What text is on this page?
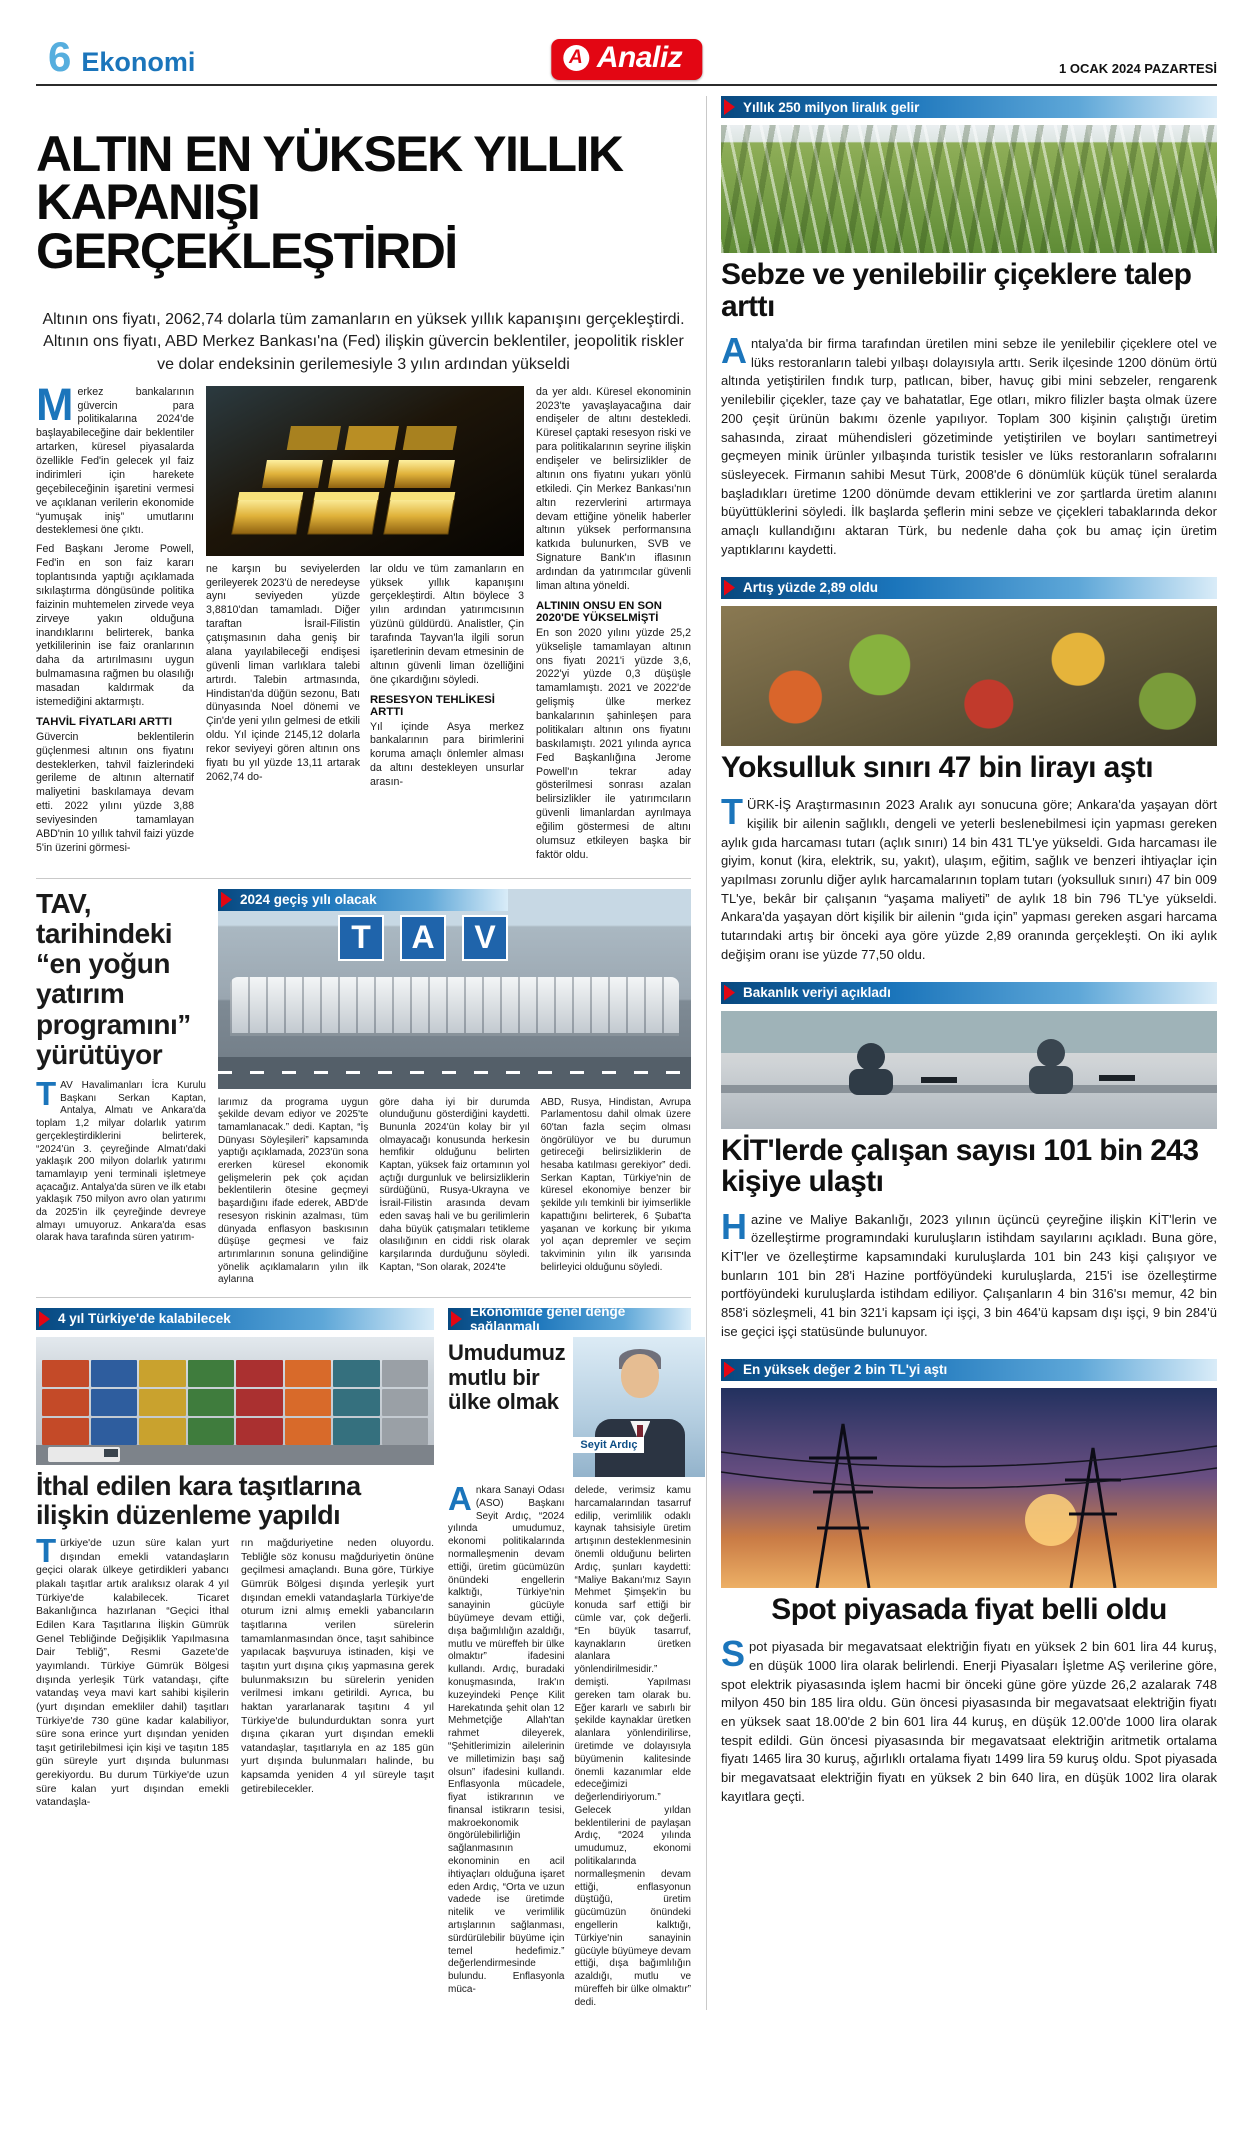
6 Ekonomi	A Analiz	1 OCAK 2024 PAZARTESİ
ALTIN EN YÜKSEK YILLIK
KAPANIŞI GERÇEKLEŞTİRDİ

Altının ons fiyatı, 2062,74 dolarla tüm zamanların en yüksek yıllık kapanışını gerçekleştirdi. Altının ons fiyatı, ABD Merkez Bankası'na (Fed) ilişkin güvercin beklentiler, jeopolitik riskler ve dolar endeksinin gerilemesiyle 3 yılın ardından yükseldi

Merkez bankalarının güvercin para politikalarına 2024'de başlayabileceğine dair beklentiler artarken, küresel piyasalarda özellikle Fed'in gelecek yıl faiz indirimleri için harekete geçebileceğinin işaretini vermesi ve açıklanan verilerin ekonomide “yumuşak iniş” umutlarını desteklemesi öne çıktı.

Fed Başkanı Jerome Powell, Fed'in en son faiz kararı toplantısında yaptığı açıklamada sıkılaştırma döngüsünde politika faizinin muhtemelen zirvede veya zirveye yakın olduğuna inandıklarını belirterek, banka yetkililerinin ise faiz oranlarının daha da artırılmasını uygun bulmamasına rağmen bu olasılığı masadan kaldırmak da istemediğini aktarmıştı.

TAHVİL FİYATLARI ARTTI

Güvercin beklentilerin güçlenmesi altının ons fiyatını desteklerken, tahvil faizlerindeki gerileme de altının alternatif maliyetini baskılamaya devam etti. 2022 yılını yüzde 3,88 seviyesinden tamamlayan ABD'nin 10 yıllık tahvil faizi yüzde 5'in üzerini görmesi-

ne karşın bu seviyelerden gerileyerek 2023'ü de neredeyse aynı seviyeden yüzde 3,8810'dan tamamladı. Diğer taraftan İsrail-Filistin çatışmasının daha geniş bir alana yayılabileceği endişesi güvenli liman varlıklara talebi artırdı. Talebin artmasında, Hindistan'da düğün sezonu, Batı dünyasında Noel dönemi ve Çin'de yeni yılın gelmesi de etkili oldu. Yıl içinde 2145,12 dolarla rekor seviyeyi gören altının ons fiyatı bu yıl yüzde 13,11 artarak 2062,74 do-

lar oldu ve tüm zamanların en yüksek yıllık kapanışını gerçekleştirdi. Altın böylece 3 yılın ardından yatırımcısının yüzünü güldürdü. Analistler, Çin tarafında Tayvan'la ilgili sorun işaretlerinin devam etmesinin de altının güvenli liman özelliğini öne çıkardığını söyledi.

RESESYON TEHLİKESİ ARTTI

Yıl içinde Asya merkez bankalarının para birimlerini koruma amaçlı önlemler alması da altını destekleyen unsurlar arasın-

da yer aldı. Küresel ekonominin 2023'te yavaşlayacağına dair endişeler de altını destekledi. Küresel çaptaki resesyon riski ve para politikalarının seyrine ilişkin endişeler ve belirsizlikler de altının ons fiyatını yukarı yönlü etkiledi. Çin Merkez Bankası'nın altın rezervlerini artırmaya devam ettiğine yönelik haberler altının yüksek performansına katkıda bulunurken, SVB ve Signature Bank'ın iflasının ardından da yatırımcılar güvenli liman altına yöneldi.

ALTININ ONSU EN SON 2020'DE YÜKSELMİŞTİ

En son 2020 yılını yüzde 25,2 yükselişle tamamlayan altının ons fiyatı 2021'i yüzde 3,6, 2022'yi yüzde 0,3 düşüşle tamamlamıştı. 2021 ve 2022'de gelişmiş ülke merkez bankalarının şahinleşen para politikaları altının ons fiyatını baskılamıştı. 2021 yılında ayrıca Fed Başkanlığına Jerome Powell'ın tekrar aday gösterilmesi sonrası azalan belirsizlikler ile yatırımcıların güvenli limanlardan ayrılmaya eğilim göstermesi de altını olumsuz etkileyen başka bir faktör oldu.

TAV, tarihindeki “en yoğun yatırım programını” yürütüyor

TAV Havalimanları İcra Kurulu Başkanı Serkan Kaptan, Antalya, Almatı ve Ankara'da toplam 1,2 milyar dolarlık yatırım gerçekleştirdiklerini belirterek, “2024'ün 3. çeyreğinde Almatı'daki yaklaşık 200 milyon dolarlık yatırımı tamamlayıp yeni terminali işletmeye açacağız. Antalya'da süren ve ilk etabı yaklaşık 750 milyon avro olan yatırımı da 2025'in ilk çeyreğinde devreye almayı umuyoruz. Ankara'da esas olarak hava tarafında süren yatırım-

2024 geçiş yılı olacak
T	A	V

larımız da programa uygun şekilde devam ediyor ve 2025'te tamamlanacak.” dedi. Kaptan, “İş Dünyası Söyleşileri” kapsamında yaptığı açıklamada, 2023'ün sona ererken küresel ekonomik gelişmelerin pek çok açıdan beklentilerin ötesine geçmeyi başardığını ifade ederek, ABD'de resesyon riskinin azalması, tüm dünyada enflasyon baskısının düşüşe geçmesi ve faiz artırımlarının sonuna gelindiğine yönelik açıklamaların yılın ilk aylarına

göre daha iyi bir durumda olunduğunu gösterdiğini kaydetti. Bununla 2024'ün kolay bir yıl olmayacağı konusunda herkesin hemfikir olduğunu belirten Kaptan, yüksek faiz ortamının yol açtığı durgunluk ve belirsizliklerin sürdüğünü, Rusya-Ukrayna ve İsrail-Filistin arasında devam eden savaş hali ve bu gerilimlerin daha büyük çatışmaları tetikleme olasılığının en ciddi risk olarak karşılarında durduğunu söyledi. Kaptan, “Son olarak, 2024'te

ABD, Rusya, Hindistan, Avrupa Parlamentosu dahil olmak üzere 60'tan fazla seçim olması öngörülüyor ve bu durumun getireceği belirsizliklerin de hesaba katılması gerekiyor” dedi. Serkan Kaptan, Türkiye'nin de küresel ekonomiye benzer bir şekilde yılı temkinli bir iyimserlikle kapattığını belirterek, 6 Şubat'ta yaşanan ve korkunç bir yıkıma yol açan depremler ve seçim takviminin yılın ilk yarısında belirleyici olduğunu söyledi.

4 yıl Türkiye'de kalabilecek
İthal edilen kara taşıtlarına ilişkin düzenleme yapıldı

Türkiye'de uzun süre kalan yurt dışından emekli vatandaşların geçici olarak ülkeye getirdikleri yabancı plakalı taşıtlar artık aralıksız olarak 4 yıl Türkiye'de kalabilecek. Ticaret Bakanlığınca hazırlanan “Geçici İthal Edilen Kara Taşıtlarına İlişkin Gümrük Genel Tebliğinde Değişiklik Yapılmasına Dair Tebliğ”, Resmi Gazete'de yayımlandı. Türkiye Gümrük Bölgesi dışında yerleşik Türk vatandaşı, çifte vatandaş veya mavi kart sahibi kişilerin (yurt dışından emekliler dahil) taşıtları Türkiye'de 730 güne kadar kalabiliyor, süre sona erince yurt dışından yeniden taşıt getirilebilmesi için kişi ve taşıtın 185 gün süreyle yurt dışında bulunması gerekiyordu. Bu durum Türkiye'de uzun süre kalan yurt dışından emekli vatandaşla-

rın mağduriyetine neden oluyordu. Tebliğle söz konusu mağduriyetin önüne geçilmesi amaçlandı. Buna göre, Türkiye Gümrük Bölgesi dışında yerleşik yurt dışından emekli vatandaşlarla Türkiye'de oturum izni almış emekli yabancıların taşıtlarına verilen sürelerin tamamlanmasından önce, taşıt sahibince yapılacak başvuruya istinaden, kişi ve taşıtın yurt dışına çıkış yapmasına gerek bulunmaksızın bu sürelerin yeniden verilmesi imkanı getirildi. Ayrıca, bu haktan yararlanarak taşıtını 4 yıl Türkiye'de bulundurduktan sonra yurt dışına çıkaran yurt dışından emekli vatandaşlar, taşıtlarıyla en az 185 gün yurt dışında bulunmaları halinde, bu kapsamda yeniden 4 yıl süreyle taşıt getirebilecekler.

Ekonomide genel denge sağlanmalı
Umudumuz mutlu bir ülke olmak
Seyit Ardıç

Ankara Sanayi Odası (ASO) Başkanı Seyit Ardıç, “2024 yılında umudumuz, ekonomi politikalarında normalleşmenin devam ettiği, üretim gücümüzün önündeki engellerin kalktığı, Türkiye'nin sanayinin gücüyle büyümeye devam ettiği, dışa bağımlılığın azaldığı, mutlu ve müreffeh bir ülke olmaktır” ifadesini kullandı. Ardıç, buradaki konuşmasında, Irak'ın kuzeyindeki Pençe Kilit Harekatında şehit olan 12 Mehmetçiğe Allah'tan rahmet dileyerek, “Şehitlerimizin ailelerinin ve milletimizin başı sağ olsun” ifadesini kullandı. Enflasyonla mücadele, fiyat istikrarının ve finansal istikrarın tesisi, makroekonomik öngörülebilirliğin sağlanmasının ekonominin en acil ihtiyaçları olduğuna işaret eden Ardıç, “Orta ve uzun vadede ise üretimde nitelik ve verimlilik artışlarının sağlanması, sürdürülebilir büyüme için temel hedefimiz.” değerlendirmesinde bulundu. Enflasyonla müca-

delede, verimsiz kamu harcamalarından tasarruf edilip, verimlilik odaklı kaynak tahsisiyle üretim artışının desteklenmesinin önemli olduğunu belirten Ardıç, şunları kaydetti: “Maliye Bakanı'mız Sayın Mehmet Şimşek'in bu konuda sarf ettiği bir cümle var, çok değerli. “En büyük tasarruf, kaynakların üretken alanlara yönlendirilmesidir.” demişti. Yapılması gereken tam olarak bu. Eğer kararlı ve sabırlı bir şekilde kaynaklar üretken alanlara yönlendirilirse, üretimde ve dolayısıyla büyümenin kalitesinde önemli kazanımlar elde edeceğimizi değerlendiriyorum.” Gelecek yıldan beklentilerini de paylaşan Ardıç, “2024 yılında umudumuz, ekonomi politikalarında normalleşmenin devam ettiği, enflasyonun düştüğü, üretim gücümüzün önündeki engellerin kalktığı, Türkiye'nin sanayinin gücüyle büyümeye devam ettiği, dışa bağımlılığın azaldığı, mutlu ve müreffeh bir ülke olmaktır” dedi.

Yıllık 250 milyon liralık gelir
Sebze ve yenilebilir çiçeklere talep arttı

Antalya'da bir firma tarafından üretilen mini sebze ile yenilebilir çiçeklere otel ve lüks restoranların talebi yılbaşı dolayısıyla arttı. Serik ilçesinde 1200 dönüm örtü altında yetiştirilen fındık turp, patlıcan, biber, havuç gibi mini sebzeler, rengarenk yenilebilir çiçekler, taze çay ve bahatatlar, Ege otları, mikro filizler başta olmak üzere 200 çeşit ürünün bakımı özenle yapılıyor. Toplam 300 kişinin çalıştığı üretim sahasında, ziraat mühendisleri gözetiminde yetiştirilen ve boyları santimetreyi geçmeyen minik ürünler yılbaşında turistik tesisler ve lüks restoranların sofralarını süsleyecek. Firmanın sahibi Mesut Türk, 2008'de 6 dönümlük küçük tünel seralarda başladıkları üretime 1200 dönümde devam ettiklerini ve zor şartlarda üretim alanını büyüttüklerini söyledi. İlk başlarda şeflerin mini sebze ve çiçekleri tabaklarında dekor amaçlı kullandığını aktaran Türk, bu nedenle daha çok bu amaç için üretim yaptıklarını kaydetti.

Artış yüzde 2,89 oldu
Yoksulluk sınırı 47 bin lirayı aştı

TÜRK-İŞ Araştırmasının 2023 Aralık ayı sonucuna göre; Ankara'da yaşayan dört kişilik bir ailenin sağlıklı, dengeli ve yeterli beslenebilmesi için yapması gereken aylık gıda harcaması tutarı (açlık sınırı) 14 bin 431 TL'ye yükseldi. Gıda harcaması ile giyim, konut (kira, elektrik, su, yakıt), ulaşım, eğitim, sağlık ve benzeri ihtiyaçlar için yapılması zorunlu diğer aylık harcamalarının toplam tutarı (yoksulluk sınırı) 47 bin 009 TL'ye, bekâr bir çalışanın “yaşama maliyeti” de aylık 18 bin 796 TL'ye yükseldi. Ankara'da yaşayan dört kişilik bir ailenin “gıda için” yapması gereken asgari harcama tutarındaki artış bir önceki aya göre yüzde 2,89 oranında gerçekleşti. On iki aylık değişim oranı ise yüzde 77,50 oldu.

Bakanlık veriyi açıkladı
KİT'lerde çalışan sayısı 101 bin 243 kişiye ulaştı

Hazine ve Maliye Bakanlığı, 2023 yılının üçüncü çeyreğine ilişkin KİT'lerin ve özelleştirme programındaki kuruluşların istihdam sayılarını açıkladı. Buna göre, KİT'ler ve özelleştirme kapsamındaki kuruluşlarda 101 bin 243 kişi çalışıyor ve bunların 101 bin 28'i Hazine portföyündeki kuruluşlarda, 215'i ise özelleştirme portföyündeki kuruluşlarda istihdam ediliyor. Çalışanların 4 bin 316'sı memur, 42 bin 858'i sözleşmeli, 41 bin 321'i kapsam içi işçi, 3 bin 464'ü kapsam dışı işçi, 9 bin 284'ü ise geçici işçi statüsünde bulunuyor.

En yüksek değer 2 bin TL'yi aştı
Spot piyasada fiyat belli oldu

Spot piyasada bir megavatsaat elektriğin fiyatı en yüksek 2 bin 601 lira 44 kuruş, en düşük 1000 lira olarak belirlendi. Enerji Piyasaları İşletme AŞ verilerine göre, spot elektrik piyasasında işlem hacmi bir önceki güne göre yüzde 26,2 azalarak 748 milyon 450 bin 185 lira oldu. Gün öncesi piyasasında bir megavatsaat elektriğin fiyatı en yüksek saat 18.00'de 2 bin 601 lira 44 kuruş, en düşük 12.00'de 1000 lira olarak tespit edildi. Gün öncesi piyasasında bir megavatsaat elektriğin aritmetik ortalama fiyatı 1465 lira 30 kuruş, ağırlıklı ortalama fiyatı 1499 lira 59 kuruş oldu. Spot piyasada bir megavatsaat elektriğin fiyatı en yüksek 2 bin 640 lira, en düşük 1002 lira olarak kayıtlara geçti.
